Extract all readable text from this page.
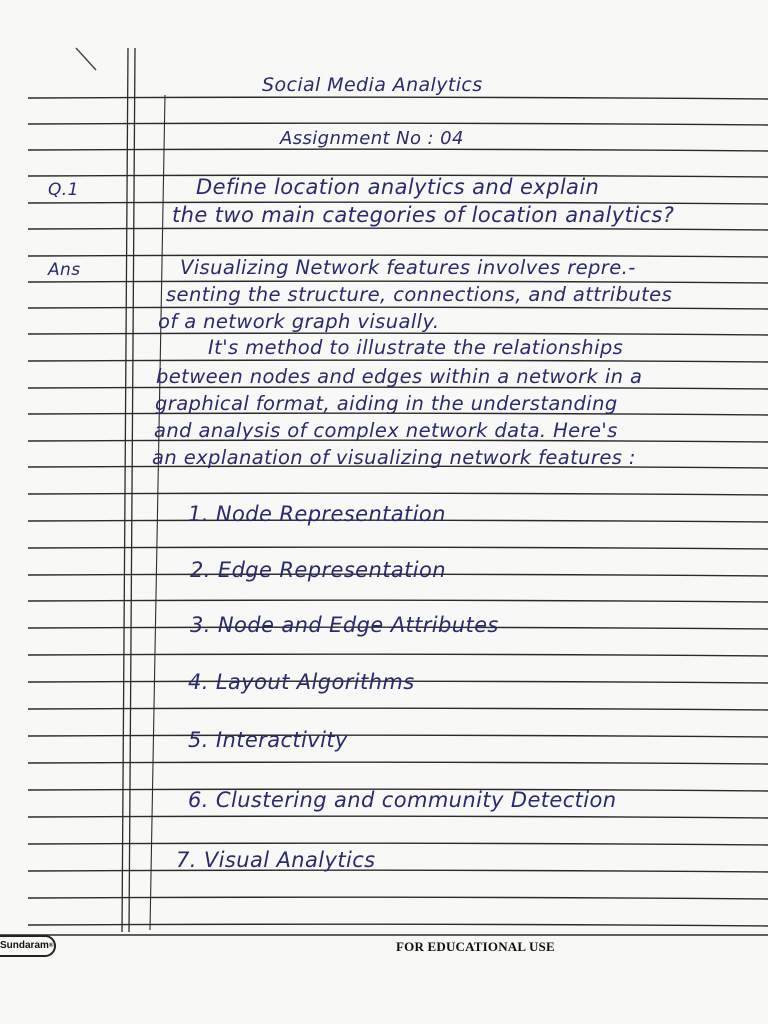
Social Media Analytics

Assignment No : 04

Q.1	Define location analytics and explain

the two main categories of location analytics?

Ans	Visualizing Network features involves repre.-

senting the structure, connections, and attributes

of a network graph visually.

It's method to illustrate the relationships

between nodes and edges within a network in a

graphical format, aiding in the understanding

and analysis of complex network data. Here's

an explanation of visualizing network features :

1. Node Representation

2. Edge Representation

3. Node and Edge Attributes

4. Layout Algorithms

5. Interactivity

6. Clustering and community Detection

7. Visual Analytics

Sundaram®	FOR EDUCATIONAL USE
